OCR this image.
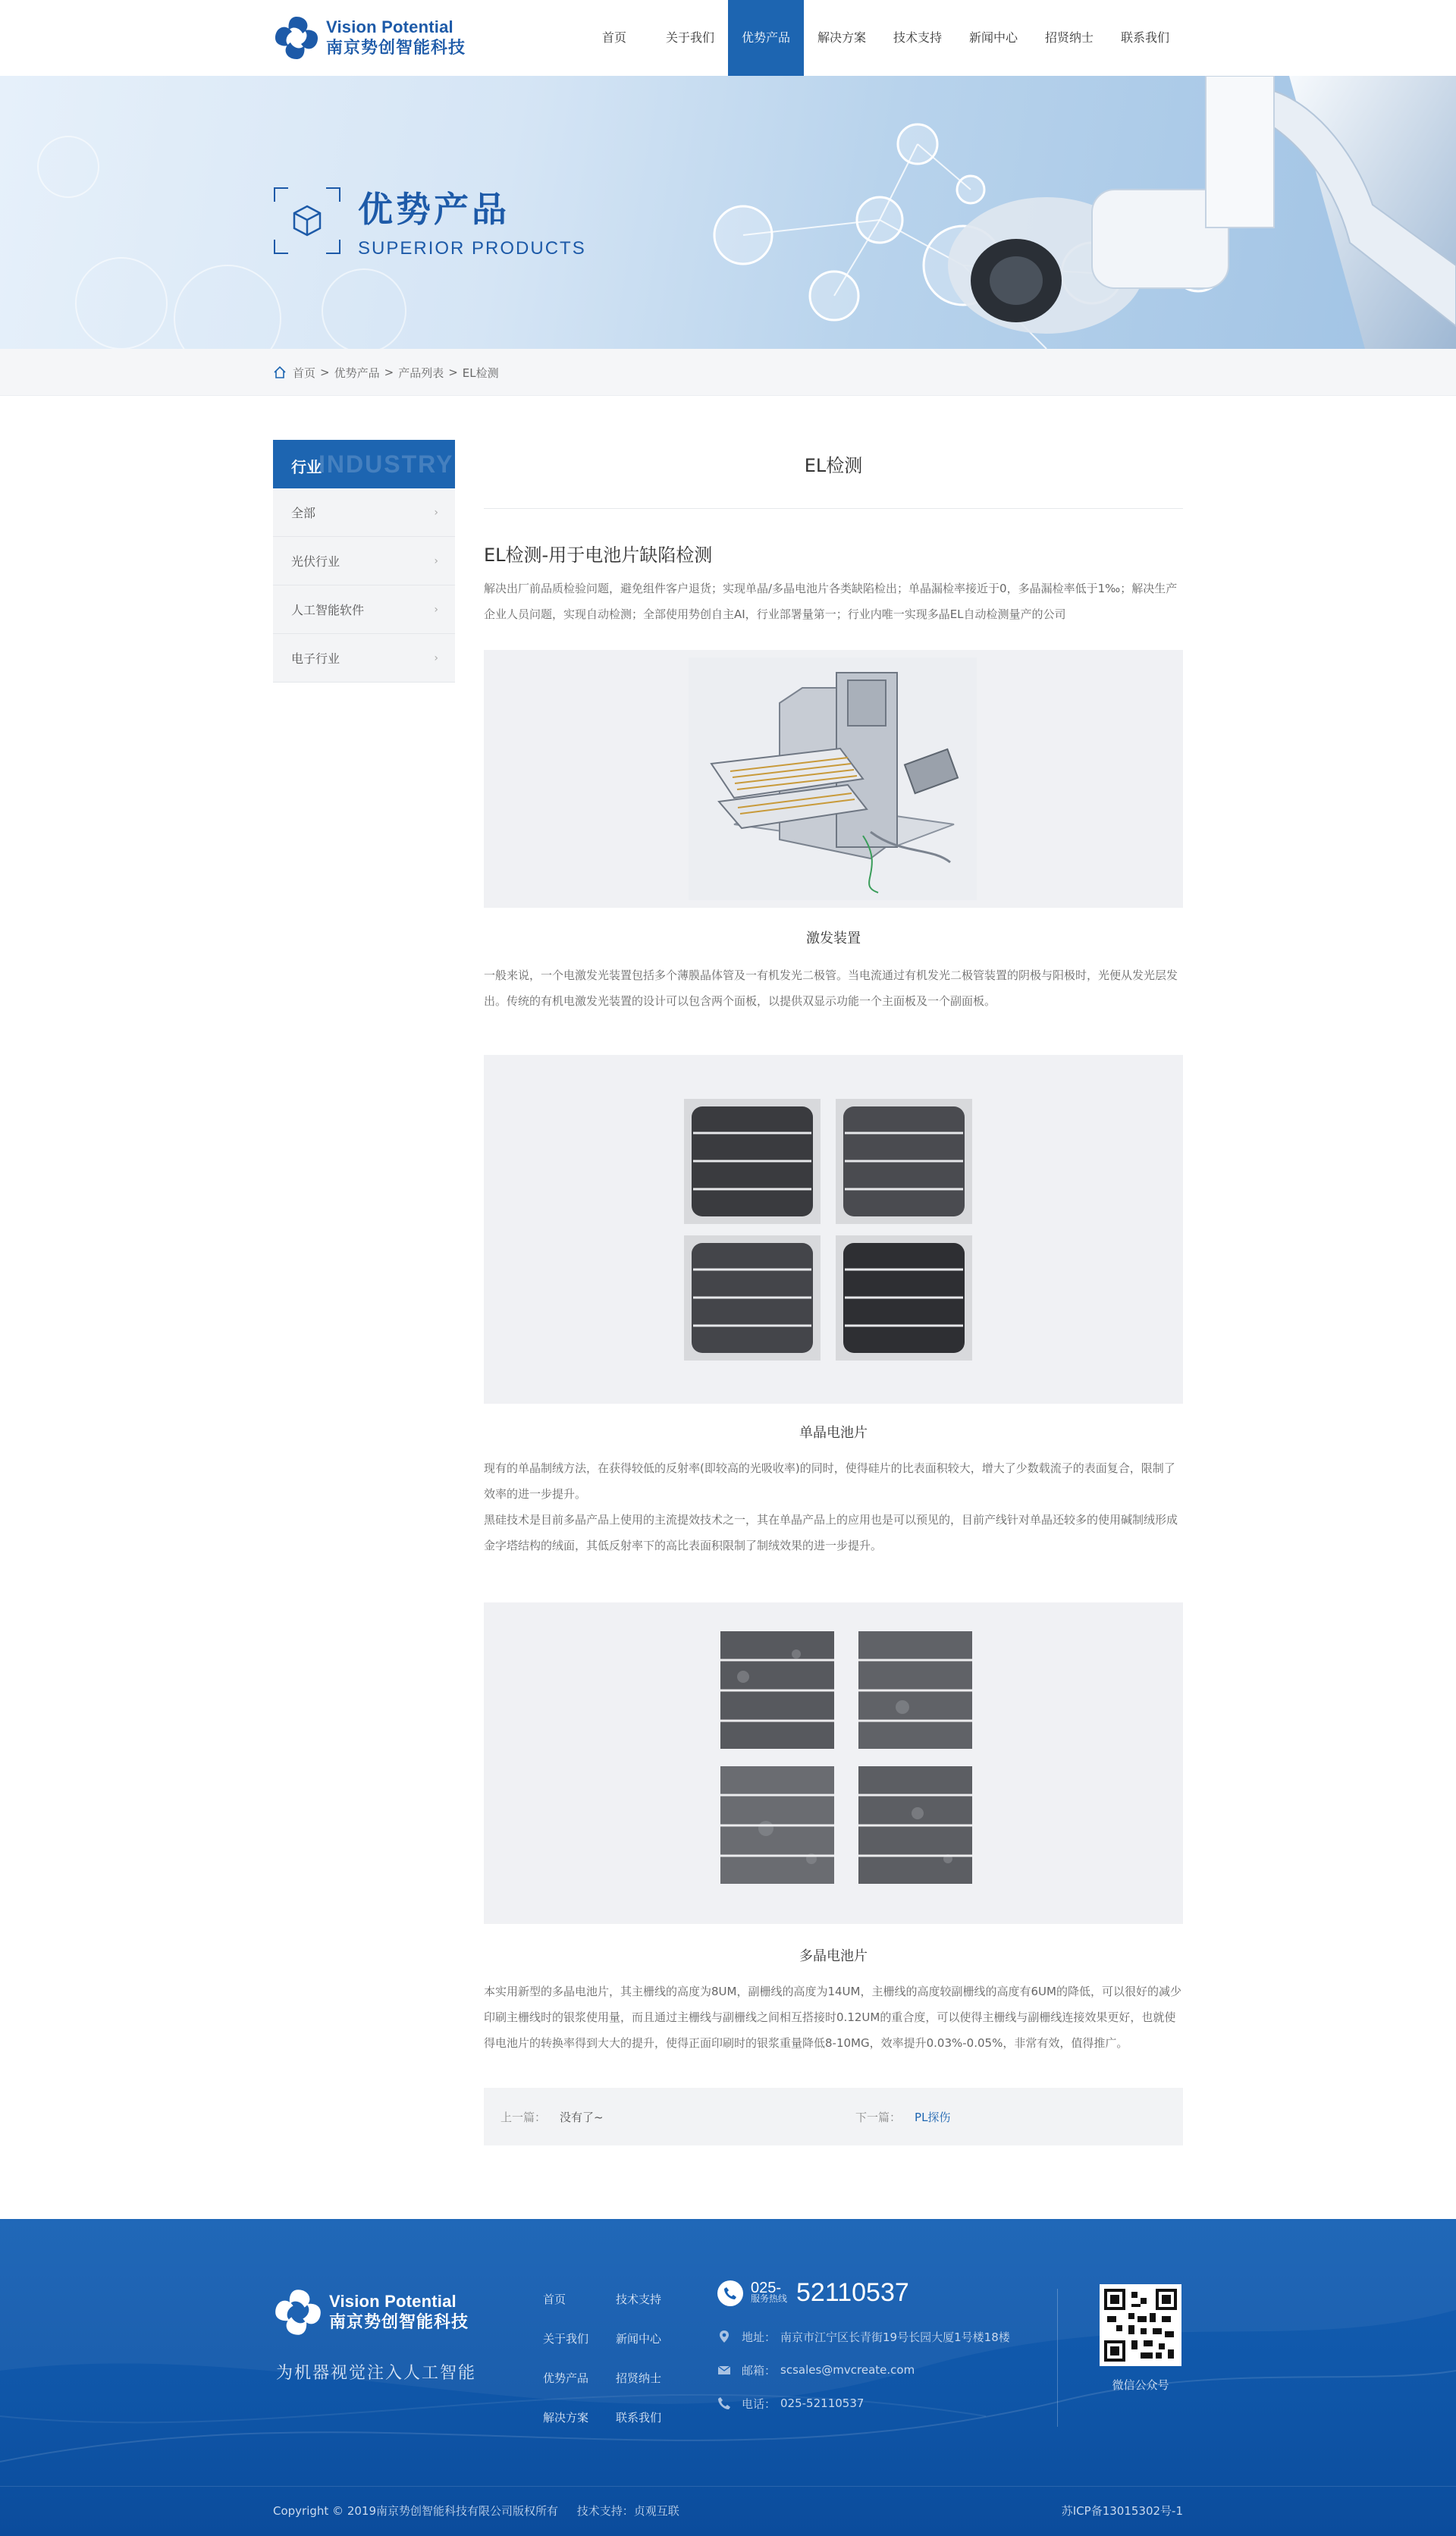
Vision Potential
南京势创智能科技
首页	关于我们	优势产品	解决方案	技术支持	新闻中心	招贤纳士	联系我们
优势产品
SUPERIOR PRODUCTS
首页 > 优势产品 > 产品列表 > EL检测
行业
INDUSTRY
全部	›
光伏行业	›
人工智能软件	›
电子行业	›
EL检测
EL检测-用于电池片缺陷检测
解决出厂前品质检验问题，避免组件客户退货；实现单晶/多晶电池片各类缺陷检出；单晶漏检率接近于0，多晶漏检率低于1‰；解决生产企业人员问题，实现自动检测；全部使用势创自主AI，行业部署量第一；行业内唯一实现多晶EL自动检测量产的公司
激发装置
一般来说，一个电激发光装置包括多个薄膜晶体管及一有机发光二极管。当电流通过有机发光二极管装置的阴极与阳极时，光便从发光层发出。传统的有机电激发光装置的设计可以包含两个面板，以提供双显示功能一个主面板及一个副面板。
单晶电池片
现有的单晶制绒方法，在获得较低的反射率(即较高的光吸收率)的同时，使得硅片的比表面积较大，增大了少数载流子的表面复合，限制了效率的进一步提升。
黑硅技术是目前多晶产品上使用的主流提效技术之一，其在单晶产品上的应用也是可以预见的，目前产线针对单晶还较多的使用碱制绒形成金字塔结构的绒面，其低反射率下的高比表面积限制了制绒效果的进一步提升。
多晶电池片
本实用新型的多晶电池片，其主栅线的高度为8UM，副栅线的高度为14UM，主栅线的高度较副栅线的高度有6UM的降低，可以很好的减少印刷主栅线时的银浆使用量，而且通过主栅线与副栅线之间相互搭接时0.12UM的重合度，可以使得主栅线与副栅线连接效果更好，也就使得电池片的转换率得到大大的提升，使得正面印刷时的银浆重量降低8-10MG，效率提升0.03%-0.05%，非常有效，值得推广。
上一篇： 没有了~	下一篇： PL探伤
Vision Potential
南京势创智能科技
为机器视觉注入人工智能
首页	技术支持
关于我们	新闻中心
优势产品	招贤纳士
解决方案	联系我们
025-
服务热线 52110537
地址： 南京市江宁区长青街19号长园大厦1号楼18楼
邮箱： scsales@mvcreate.com
电话： 025-52110537
微信公众号
Copyright © 2019南京势创智能科技有限公司版权所有 技术支持：贞观互联	苏ICP备13015302号-1
